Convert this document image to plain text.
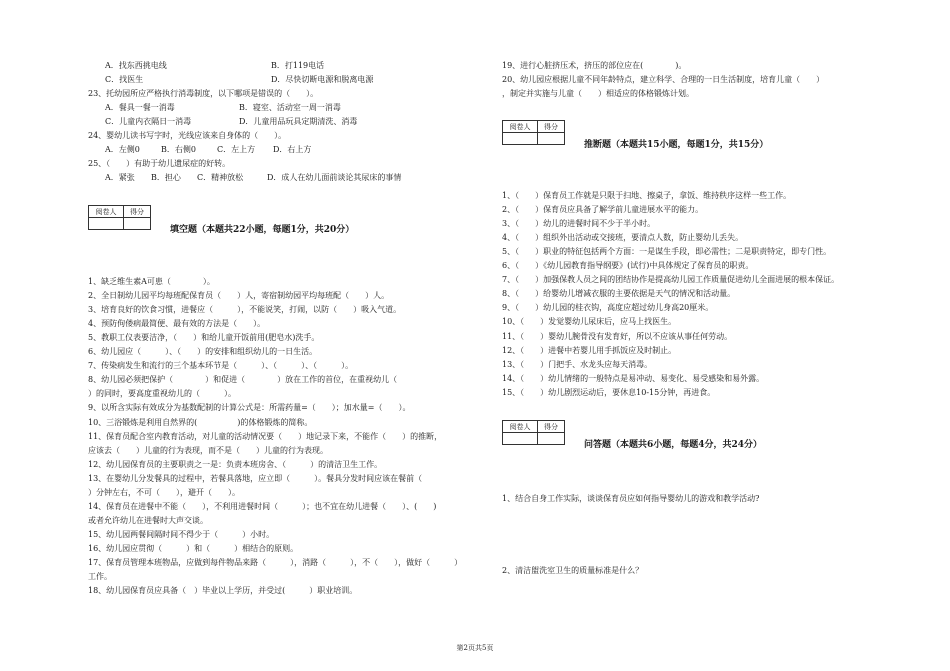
A．找东西挑电线	B．打119电话
C．找医生	D．尽快切断电源和脱离电源
23、托幼园所应严格执行消毒制度，以下哪项是错误的（　　）。
A．餐具一餐一消毒	B．寝室、活动室一周一消毒
C．儿童内衣隔日一消毒	D．儿童用品玩具定期清洗、消毒
24、婴幼儿读书写字时，光线应该来自身体的（　　）。
A．左侧0	B．右侧0	C．左上方 D．右上方
25、（　　）有助于幼儿遗尿症的好转。
A．紧张 B．担心 C．精神放松	D．成人在幼儿面前谈论其尿床的事情
阅卷人	得分

填空题（本题共22小题，每题1分，共20分）
1、缺乏维生素A可患（　　　　）。
2、全日制幼儿园平均每班配保育员（　　）人，寄宿制幼园平均每班配（　　）人。
3、培育良好的饮食习惯，进餐应（　　　），不能说笑，打闹，以防（　　）吸入气道。
4、预防佝偻病最简便、最有效的方法是（　　）。
5、教职工仪表要洁净，（　　）和给儿童开饭前用(肥皂水)洗手。
6、幼儿园应（　　　）、（　　）的安排和组织幼儿的一日生活。
7、传染病发生和流行的三个基本环节是（　　　）、（　　　）、（　　　）。
8、幼儿园必须把保护（　　　　）和促进（　　　　）放在工作的首位，在重视幼儿（　
）的同时，要高度重视幼儿的（　　　）。
9、以所含实际有效成分为基数配制的计算公式是：所需药量=（　　）；加水量=（　　）。
10、三浴锻炼是利用自然界的(　　　　　)的体格锻炼的简称。
11、保育员配合室内教育活动，对儿童的活动情况要（　　）地记录下来，不能作（　　）的推断，
应该去（　　）儿童的行为表现，而不是（　　）儿童的行为表现。
12、幼儿园保育员的主要职责之一是：负责本班房舍、（　　　）的清洁卫生工作。
13、在婴幼儿分发餐具的过程中，若餐具落地，应立即（　　　）。餐具分发时间应该在餐前（
）分钟左右，不可（　　），避开（　　）。
14、保育员在进餐中不能（　　），不利用进餐时间（　　　）；也不宜在幼儿进餐（　　）、(　　)
或者允许幼儿在进餐时大声交谈。
15、幼儿园两餐间隔时间不得少于（　　　）小时。
16、幼儿园应贯彻（　　　）和（　　　）相结合的原则。
17、保育员管理本班物品，应做到每件物品来路（　　　），消路（　　　），不（　　），做好（　　　）
工作。
18、幼儿园保育员应具备（　）毕业以上学历，并受过(　　　）职业培训。
19、进行心脏挤压术，挤压的部位应在(　　　　)。
20、幼儿园应根据儿童不同年龄特点，建立科学、合理的一日生活制度，培育儿童（　　）
，制定并实施与儿童（　　）相适应的体格锻炼计划。
阅卷人	得分

推断题（本题共15小题，每题1分，共15分）
1、（　　）保育员工作就是只限于扫地、擦桌子，拿饭、维持秩序这样一些工作。
2、（　　）保育员应具备了解学前儿童进展水平的能力。
3、（　　）幼儿的进餐时间不少于半小时。
4、（　　）组织外出活动或交接班，要清点人数，防止婴幼儿丢失。
5、（　　）职业的特征包括两个方面：一是谋生手段，即必需性；二是职责特定，即专门性。
6、（　　）《幼儿园教育指导纲要》(试行)中具体规定了保育员的职责。
7、（　　）加强保教人员之间的团结协作是提高幼儿园工作质量促进幼儿全面进展的根本保证。
8、（　　）给婴幼儿增减衣服的主要依据是天气的情况和活动量。
9、（　　）幼儿园的桂衣钩，高度应超过幼儿身高20厘米。
10、（　　）发觉婴幼儿尿床后，应马上找医生。
11、（　　）婴幼儿腕骨没有发育好，所以不应该从事任何劳动。
12、（　　）进餐中若婴儿用手抓饭应及时制止。
13、（　　）门把手、水龙头应每天消毒。
14、（　　）幼儿情绪的一般特点是易冲动、易变化、易受感染和易外露。
15、（　　）幼儿剧烈运动后，要休息10-15分钟，再进食。
阅卷人	得分

问答题（本题共6小题，每题4分，共24分）
1、结合自身工作实际，谈谈保育员应如何指导婴幼儿的游戏和教学活动?
2、清洁盥洗室卫生的质量标准是什么？
第2页共5页
